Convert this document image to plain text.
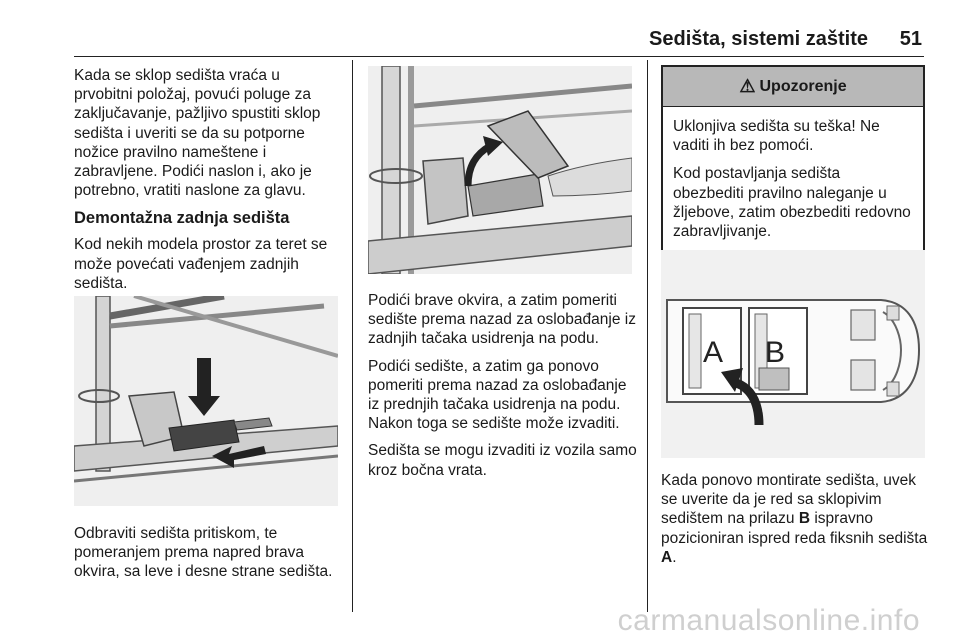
Sedišta, sistemi zaštite 51

Kada se sklop sedišta vraća u prvobitni položaj, povući poluge za zaključavanje, pažljivo spustiti sklop sedišta i uveriti se da su potporne nožice pravilno nameštene i zabravljene. Podići naslon i, ako je potrebno, vratiti naslone za glavu.

Demontažna zadnja sedišta

Kod nekih modela prostor za teret se može povećati vađenjem zadnjih sedišta.

Odbraviti sedišta pritiskom, te pomeranjem prema napred brava okvira, sa leve i desne strane sedišta.

Podići brave okvira, a zatim pomeriti sedište prema nazad za oslobađanje iz zadnjih tačaka usidrenja na podu.

Podići sedište, a zatim ga ponovo pomeriti prema nazad za oslobađanje iz prednjih tačaka usidrenja na podu. Nakon toga se sedište može izvaditi.

Sedišta se mogu izvaditi iz vozila samo kroz bočna vrata.

⚠ Upozorenje

Uklonjiva sedišta su teška! Ne vaditi ih bez pomoći.

Kod postavljanja sedišta obezbediti pravilno naleganje u žljebove, zatim obezbediti redovno zabravljivanje.

A B

Kada ponovo montirate sedišta, uvek se uverite da je red sa sklopivim sedištem na prilazu B ispravno pozicioniran ispred reda fiksnih sedišta A.

carmanualsonline.info
